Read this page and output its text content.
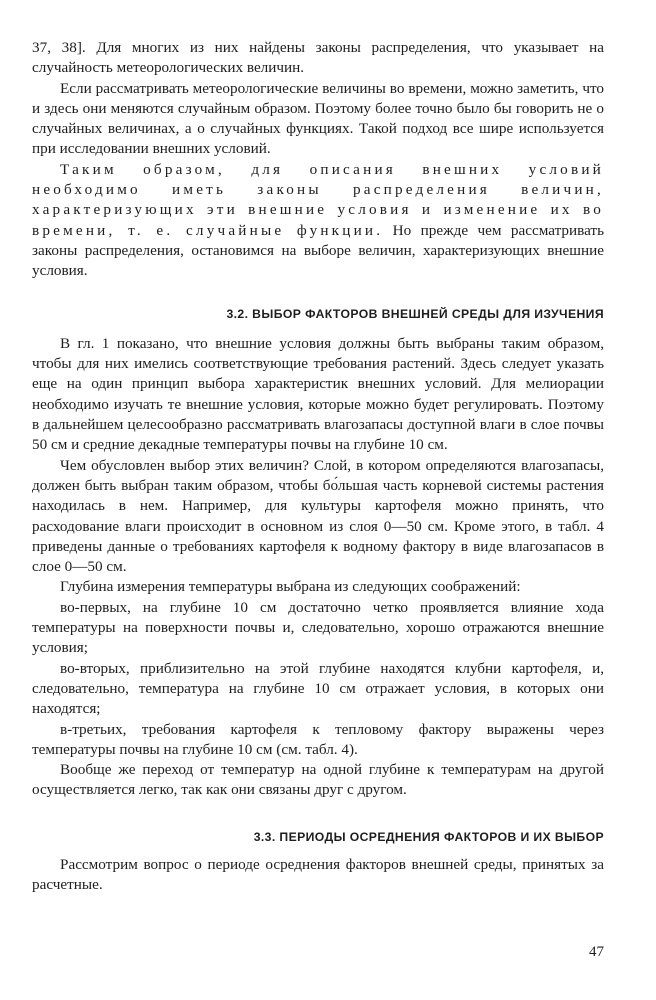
37, 38]. Для многих из них найдены законы распределения, что указывает на случайность метеорологических величин.

Если рассматривать метеорологические величины во времени, можно заметить, что и здесь они меняются случайным образом. Поэтому более точно было бы говорить не о случайных величинах, а о случайных функциях. Такой подход все шире используется при исследовании внешних условий.

Таким образом, для описания внешних условий необходимо иметь законы распределения величин, характеризующих эти внешние условия и изменение их во времени, т. е. случайные функции. Но прежде чем рассматривать законы распределения, остановимся на выборе величин, характеризующих внешние условия.

3.2. ВЫБОР ФАКТОРОВ ВНЕШНЕЙ СРЕДЫ ДЛЯ ИЗУЧЕНИЯ

В гл. 1 показано, что внешние условия должны быть выбраны таким образом, чтобы для них имелись соответствующие требования растений. Здесь следует указать еще на один принцип выбора характеристик внешних условий. Для мелиорации необходимо изучать те внешние условия, которые можно будет регулировать. Поэтому в дальнейшем целесообразно рассматривать влагозапасы доступной влаги в слое почвы 50 см и средние декадные температуры почвы на глубине 10 см.

Чем обусловлен выбор этих величин? Слой, в котором определяются влагозапасы, должен быть выбран таким образом, чтобы бо́льшая часть корневой системы растения находилась в нем. Например, для культуры картофеля можно принять, что расходование влаги происходит в основном из слоя 0—50 см. Кроме этого, в табл. 4 приведены данные о требованиях картофеля к водному фактору в виде влагозапасов в слое 0—50 см.

Глубина измерения температуры выбрана из следующих соображений:

во-первых, на глубине 10 см достаточно четко проявляется влияние хода температуры на поверхности почвы и, следовательно, хорошо отражаются внешние условия;

во-вторых, приблизительно на этой глубине находятся клубни картофеля, и, следовательно, температура на глубине 10 см отражает условия, в которых они находятся;

в-третьих, требования картофеля к тепловому фактору выражены через температуры почвы на глубине 10 см (см. табл. 4).

Вообще же переход от температур на одной глубине к температурам на другой осуществляется легко, так как они связаны друг с другом.

3.3. ПЕРИОДЫ ОСРЕДНЕНИЯ ФАКТОРОВ И ИХ ВЫБОР

Рассмотрим вопрос о периоде осреднения факторов внешней среды, принятых за расчетные.

47
